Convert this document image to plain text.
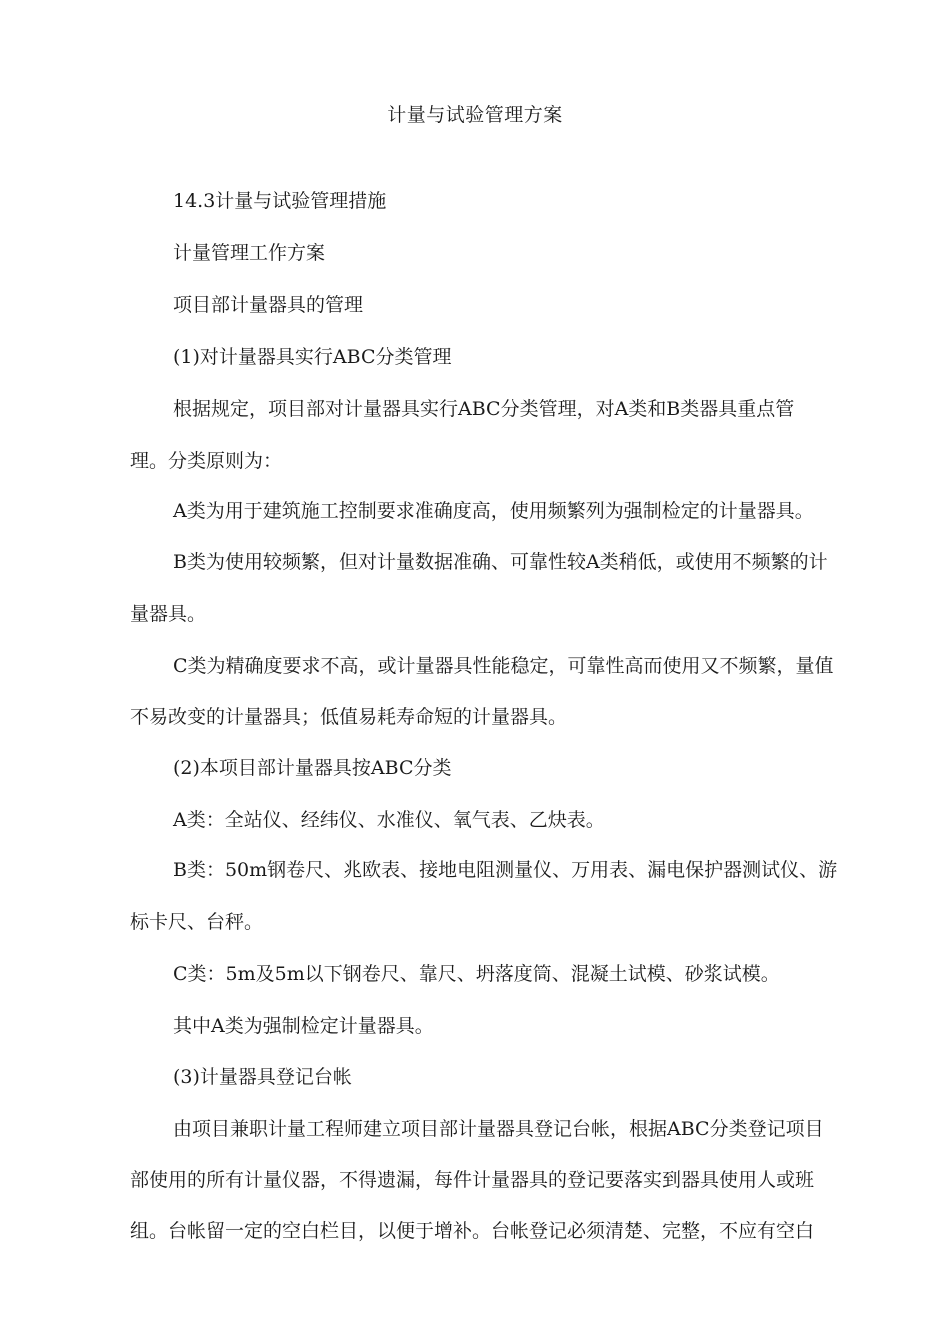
计量与试验管理方案
14.3计量与试验管理措施
计量管理工作方案
项目部计量器具的管理
(1)对计量器具实行ABC分类管理
根据规定，项目部对计量器具实行ABC分类管理，对A类和B类器具重点管
理。分类原则为：
A类为用于建筑施工控制要求准确度高，使用频繁列为强制检定的计量器具。
B类为使用较频繁，但对计量数据准确、可靠性较A类稍低，或使用不频繁的计
量器具。
C类为精确度要求不高，或计量器具性能稳定，可靠性高而使用又不频繁，量值
不易改变的计量器具；低值易耗寿命短的计量器具。
(2)本项目部计量器具按ABC分类
A类：全站仪、经纬仪、水准仪、氧气表、乙炔表。
B类：50m钢卷尺、兆欧表、接地电阻测量仪、万用表、漏电保护器测试仪、游
标卡尺、台秤。
C类：5m及5m以下钢卷尺、靠尺、坍落度筒、混凝土试模、砂浆试模。
其中A类为强制检定计量器具。
(3)计量器具登记台帐
由项目兼职计量工程师建立项目部计量器具登记台帐，根据ABC分类登记项目
部使用的所有计量仪器，不得遗漏，每件计量器具的登记要落实到器具使用人或班
组。台帐留一定的空白栏目，以便于增补。台帐登记必须清楚、完整，不应有空白
